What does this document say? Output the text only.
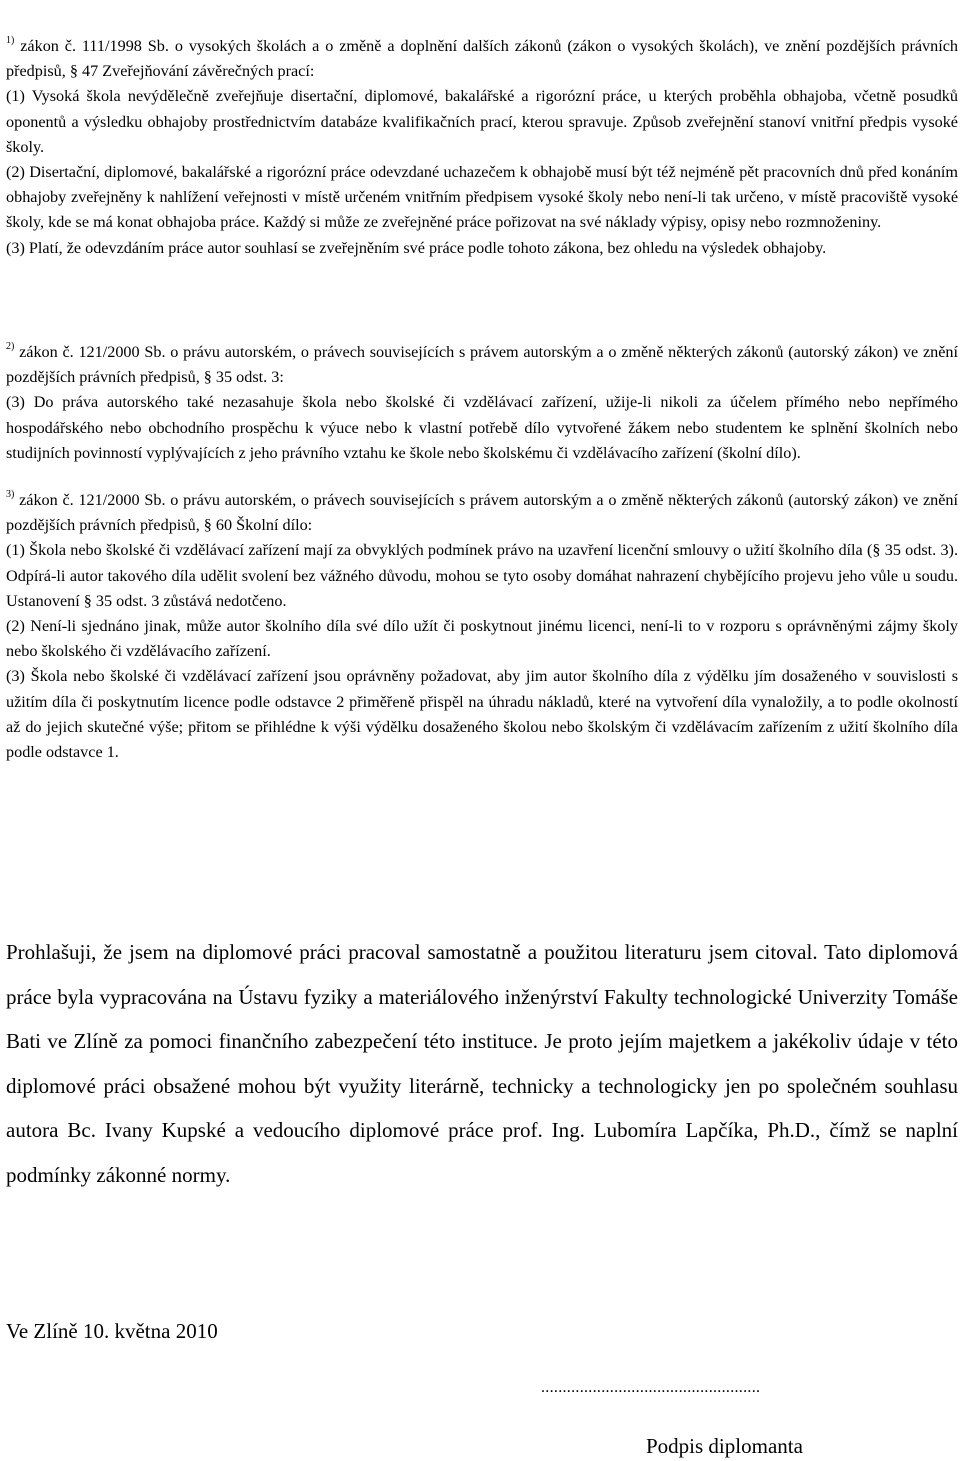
$^{1)}$ zákon č. 111/1998 Sb. o vysokých školách a o změně a doplnění dalších zákonů (zákon o vysokých školách), ve znění pozdějších právních předpisů, § 47 Zveřejňování závěrečných prací:

(1) Vysoká škola nevýdělečně zveřejňuje disertační, diplomové, bakalářské a rigorózní práce, u kterých proběhla obhajoba, včetně posudků oponentů a výsledku obhajoby prostřednictvím databáze kvalifikačních prací, kterou spravuje. Způsob zveřejnění stanoví vnitřní předpis vysoké školy.

(2) Disertační, diplomové, bakalářské a rigorózní práce odevzdané uchazečem k obhajobě musí být též nejméně pět pracovních dnů před konáním obhajoby zveřejněny k nahlížení veřejnosti v místě určeném vnitřním předpisem vysoké školy nebo není-li tak určeno, v místě pracoviště vysoké školy, kde se má konat obhajoba práce. Každý si může ze zveřejněné práce pořizovat na své náklady výpisy, opisy nebo rozmnoženiny.

(3) Platí, že odevzdáním práce autor souhlasí se zveřejněním své práce podle tohoto zákona, bez ohledu na výsledek obhajoby.

$^{2)}$ zákon č. 121/2000 Sb. o právu autorském, o právech souvisejících s právem autorským a o změně některých zákonů (autorský zákon) ve znění pozdějších právních předpisů, § 35 odst. 3:

(3) Do práva autorského také nezasahuje škola nebo školské či vzdělávací zařízení, užije-li nikoli za účelem přímého nebo nepřímého hospodářského nebo obchodního prospěchu k výuce nebo k vlastní potřebě dílo vytvořené žákem nebo studentem ke splnění školních nebo studijních povinností vyplývajících z jeho právního vztahu ke škole nebo školskému či vzdělávacího zařízení (školní dílo).

$^{3)}$ zákon č. 121/2000 Sb. o právu autorském, o právech souvisejících s právem autorským a o změně některých zákonů (autorský zákon) ve znění pozdějších právních předpisů, § 60 Školní dílo:

(1) Škola nebo školské či vzdělávací zařízení mají za obvyklých podmínek právo na uzavření licenční smlouvy o užití školního díla (§ 35 odst. 3). Odpírá-li autor takového díla udělit svolení bez vážného důvodu, mohou se tyto osoby domáhat nahrazení chybějícího projevu jeho vůle u soudu. Ustanovení § 35 odst. 3 zůstává nedotčeno.

(2) Není-li sjednáno jinak, může autor školního díla své dílo užít či poskytnout jinému licenci, není-li to v rozporu s oprávněnými zájmy školy nebo školského či vzdělávacího zařízení.

(3) Škola nebo školské či vzdělávací zařízení jsou oprávněny požadovat, aby jim autor školního díla z výdělku jím dosaženého v souvislosti s užitím díla či poskytnutím licence podle odstavce 2 přiměřeně přispěl na úhradu nákladů, které na vytvoření díla vynaložily, a to podle okolností až do jejich skutečné výše; přitom se přihlédne k výši výdělku dosaženého školou nebo školským či vzdělávacím zařízením z užití školního díla podle odstavce 1.

Prohlašuji, že jsem na diplomové práci pracoval samostatně a použitou literaturu jsem citoval. Tato diplomová práce byla vypracována na Ústavu fyziky a materiálového inženýrství Fakulty technologické Univerzity Tomáše Bati ve Zlíně za pomoci finančního zabezpečení této instituce. Je proto jejím majetkem a jakékoliv údaje v této diplomové práci obsažené mohou být využity literárně, technicky a technologicky jen po společném souhlasu autora Bc. Ivany Kupské a vedoucího diplomové práce prof. Ing. Lubomíra Lapčíka, Ph.D., čímž se naplní podmínky zákonné normy.

Ve Zlíně 10. května 2010

...................................................

Podpis diplomanta
